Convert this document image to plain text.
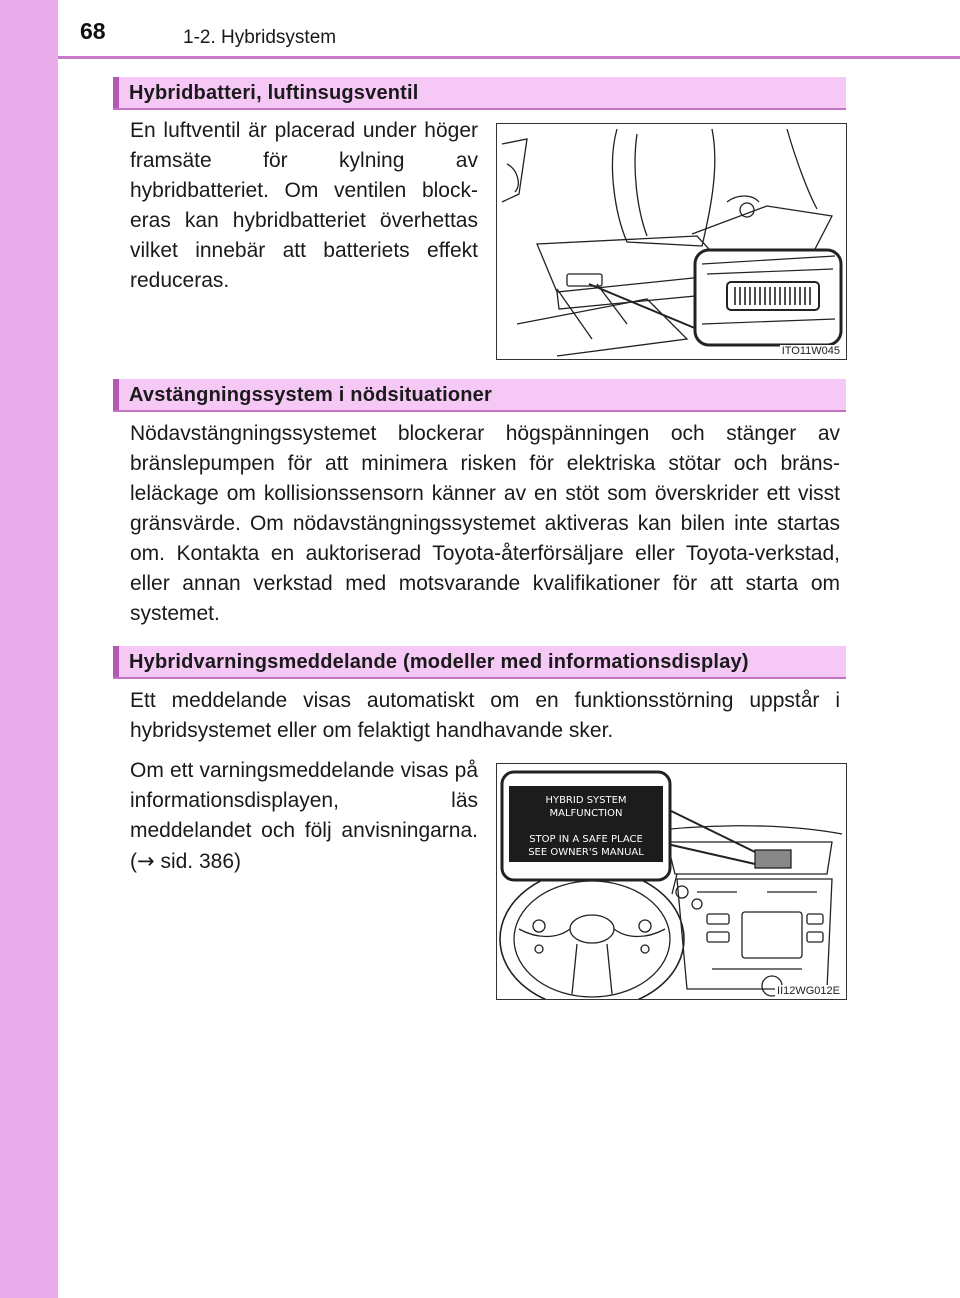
68	1-2. Hybridsystem
Hybridbatteri, luftinsugsventil

En luftventil är placerad under höger framsäte för kylning av hybridbatteriet. Om ventilen blockeras kan hybridbatteriet överhettas vilket innebär att batteriets effekt reduceras.

ITO11W045
Avstängningssystem i nödsituationer

Nödavstängningssystemet blockerar högspänningen och stänger av bränslepumpen för att minimera risken för elektriska stötar och bränsleläckage om kollisionssensorn känner av en stöt som överskrider ett visst gränsvärde. Om nödavstängningssystemet aktiveras kan bilen inte startas om. Kontakta en auktoriserad Toyota-återförsäljare eller Toyota-verkstad, eller annan verkstad med motsvarande kvalifikationer för att starta om systemet.

Hybridvarningsmeddelande (modeller med informationsdisplay)

Ett meddelande visas automatiskt om en funktionsstörning uppstår i hybridsystemet eller om felaktigt handhavande sker.

Om ett varningsmeddelande visas på informationsdisplayen, läs meddelandet och följ anvisningarna. (→ sid. 386)

HYBRID SYSTEM
MALFUNCTION
STOP IN A SAFE PLACE
SEE OWNER'S MANUAL
II12WG012E
